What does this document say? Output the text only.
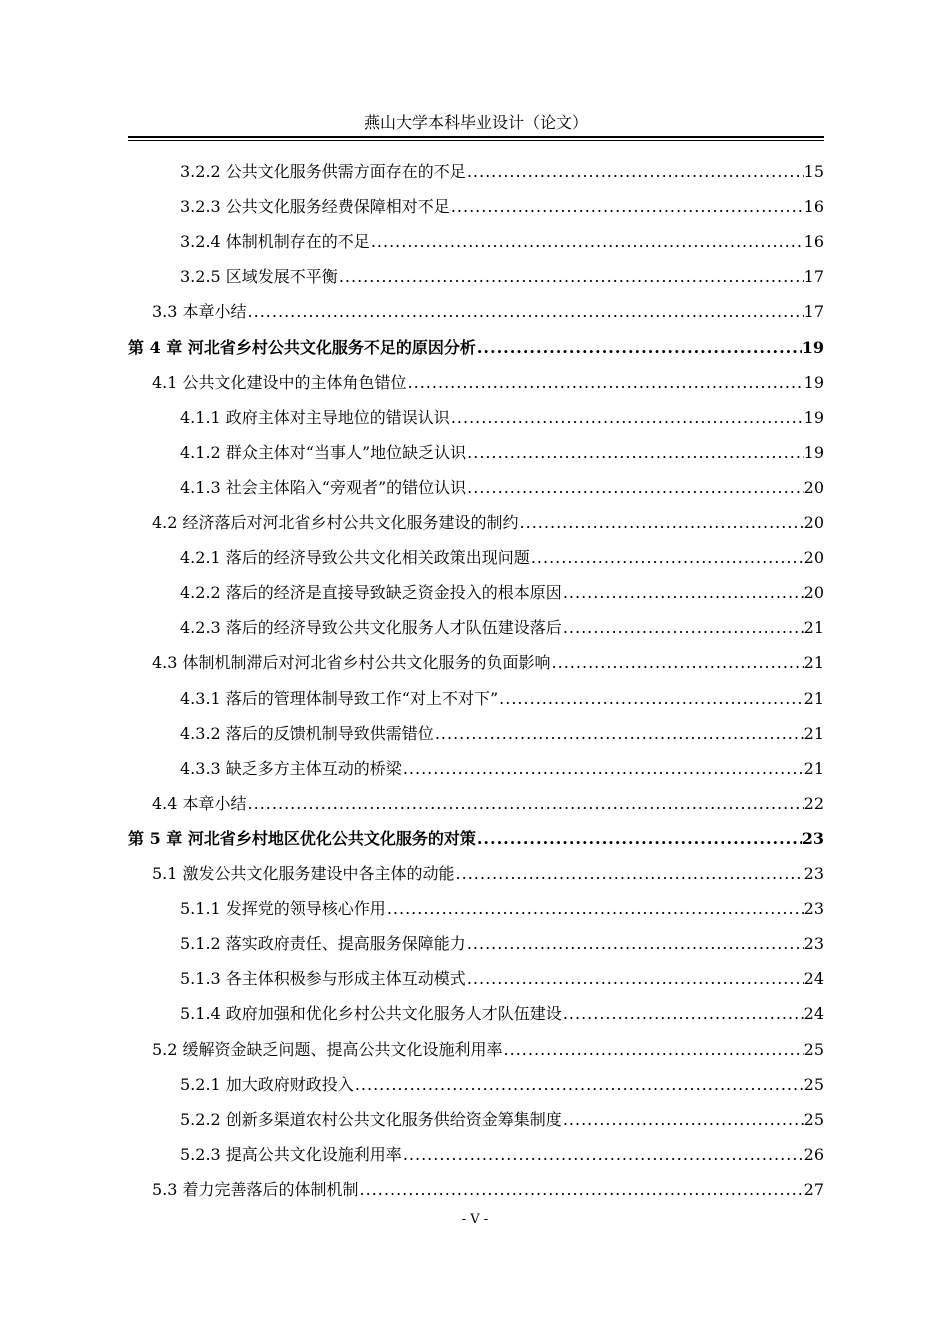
燕山大学本科毕业设计（论文）
3.2.2 公共文化服务供需方面存在的不足 .....	15
3.2.3 公共文化服务经费保障相对不足 .....	16
3.2.4 体制机制存在的不足 .....	16
3.2.5 区域发展不平衡 .....	17
3.3 本章小结 .....	17
第 4 章 河北省乡村公共文化服务不足的原因分析 .....	19
4.1 公共文化建设中的主体角色错位 .....	19
4.1.1 政府主体对主导地位的错误认识 .....	19
4.1.2 群众主体对“当事人”地位缺乏认识 .....	19
4.1.3 社会主体陷入“旁观者”的错位认识 .....	20
4.2 经济落后对河北省乡村公共文化服务建设的制约 .....	20
4.2.1 落后的经济导致公共文化相关政策出现问题 .....	20
4.2.2 落后的经济是直接导致缺乏资金投入的根本原因 .....	20
4.2.3 落后的经济导致公共文化服务人才队伍建设落后 .....	21
4.3 体制机制滞后对河北省乡村公共文化服务的负面影响 .....	21
4.3.1 落后的管理体制导致工作“对上不对下” .....	21
4.3.2 落后的反馈机制导致供需错位 .....	21
4.3.3 缺乏多方主体互动的桥梁 .....	21
4.4 本章小结 .....	22
第 5 章 河北省乡村地区优化公共文化服务的对策 .....	23
5.1 激发公共文化服务建设中各主体的动能 .....	23
5.1.1 发挥党的领导核心作用 .....	23
5.1.2 落实政府责任、提高服务保障能力 .....	23
5.1.3 各主体积极参与形成主体互动模式 .....	24
5.1.4 政府加强和优化乡村公共文化服务人才队伍建设 .....	24
5.2 缓解资金缺乏问题、提高公共文化设施利用率 .....	25
5.2.1 加大政府财政投入 .....	25
5.2.2 创新多渠道农村公共文化服务供给资金筹集制度 .....	25
5.2.3 提高公共文化设施利用率 .....	26
5.3 着力完善落后的体制机制 .....	27
- V -
